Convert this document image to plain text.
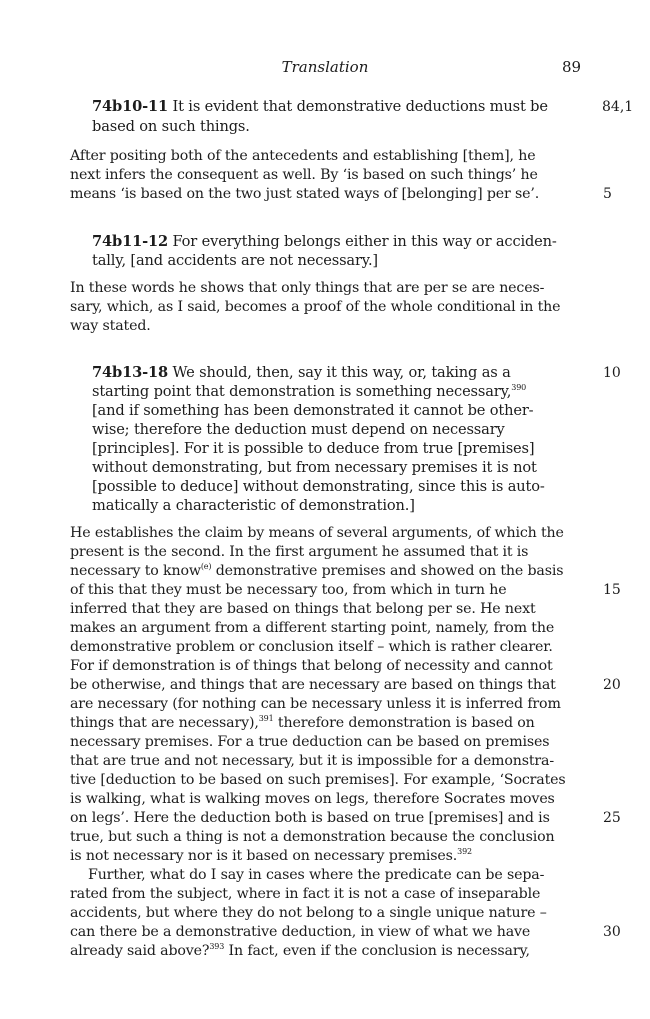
Translation	89
74b10-11 It is evident that demonstrative deductions must be
based on such things.
After positing both of the antecedents and establishing [them], he
next infers the consequent as well. By ‘is based on such things’ he
means ‘is based on the two just stated ways of [belonging] per se’.
74b11-12 For everything belongs either in this way or acciden-
tally, [and accidents are not necessary.]
In these words he shows that only things that are per se are neces-
sary, which, as I said, becomes a proof of the whole conditional in the
way stated.
74b13-18 We should, then, say it this way, or, taking as a
starting point that demonstration is something necessary,$^{390}$
[and if something has been demonstrated it cannot be other-
wise; therefore the deduction must depend on necessary
[principles]. For it is possible to deduce from true [premises]
without demonstrating, but from necessary premises it is not
[possible to deduce] without demonstrating, since this is auto-
matically a characteristic of demonstration.]
He establishes the claim by means of several arguments, of which the
present is the second. In the first argument he assumed that it is
necessary to know$^{(e)}$ demonstrative premises and showed on the basis
of this that they must be necessary too, from which in turn he
inferred that they are based on things that belong per se. He next
makes an argument from a different starting point, namely, from the
demonstrative problem or conclusion itself – which is rather clearer.
For if demonstration is of things that belong of necessity and cannot
be otherwise, and things that are necessary are based on things that
are necessary (for nothing can be necessary unless it is inferred from
things that are necessary),$^{391}$ therefore demonstration is based on
necessary premises. For a true deduction can be based on premises
that are true and not necessary, but it is impossible for a demonstra-
tive [deduction to be based on such premises]. For example, ‘Socrates
is walking, what is walking moves on legs, therefore Socrates moves
on legs’. Here the deduction both is based on true [premises] and is
true, but such a thing is not a demonstration because the conclusion
is not necessary nor is it based on necessary premises.$^{392}$
Further, what do I say in cases where the predicate can be sepa-
rated from the subject, where in fact it is not a case of inseparable
accidents, but where they do not belong to a single unique nature –
can there be a demonstrative deduction, in view of what we have
already said above?$^{393}$ In fact, even if the conclusion is necessary,
84,1
5
10
15
20
25
30
